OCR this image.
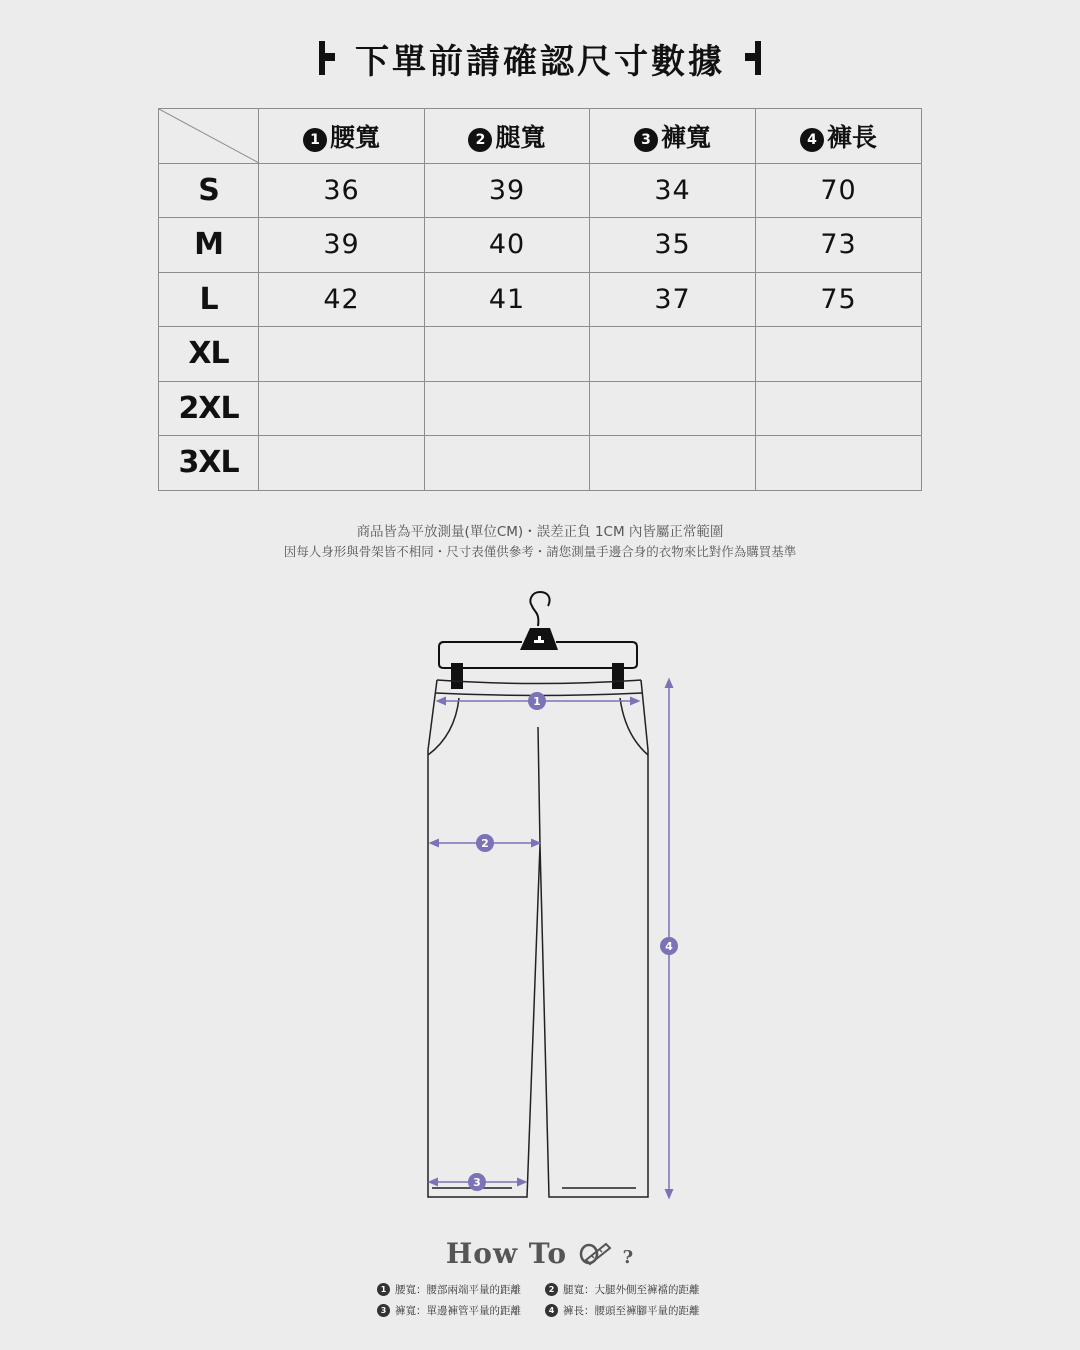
下單前請確認尺寸數據
	1 腰寬	2 腿寬	3 褲寬	4 褲長
S	36	39	34	70
M	39	40	35	73
L	42	41	37	75
XL				
2XL				
3XL				
商品皆為平放測量(單位CM)・誤差正負 1CM 內皆屬正常範圍
因每人身形與骨架皆不相同・尺寸表僅供參考・請您測量手邊合身的衣物來比對作為購買基準
1
2
3
4
How To	?
1 腰寬：腰部兩端平量的距離	2 腿寬：大腿外側至褲襠的距離
3 褲寬：單邊褲管平量的距離	4 褲長：腰頭至褲腳平量的距離
